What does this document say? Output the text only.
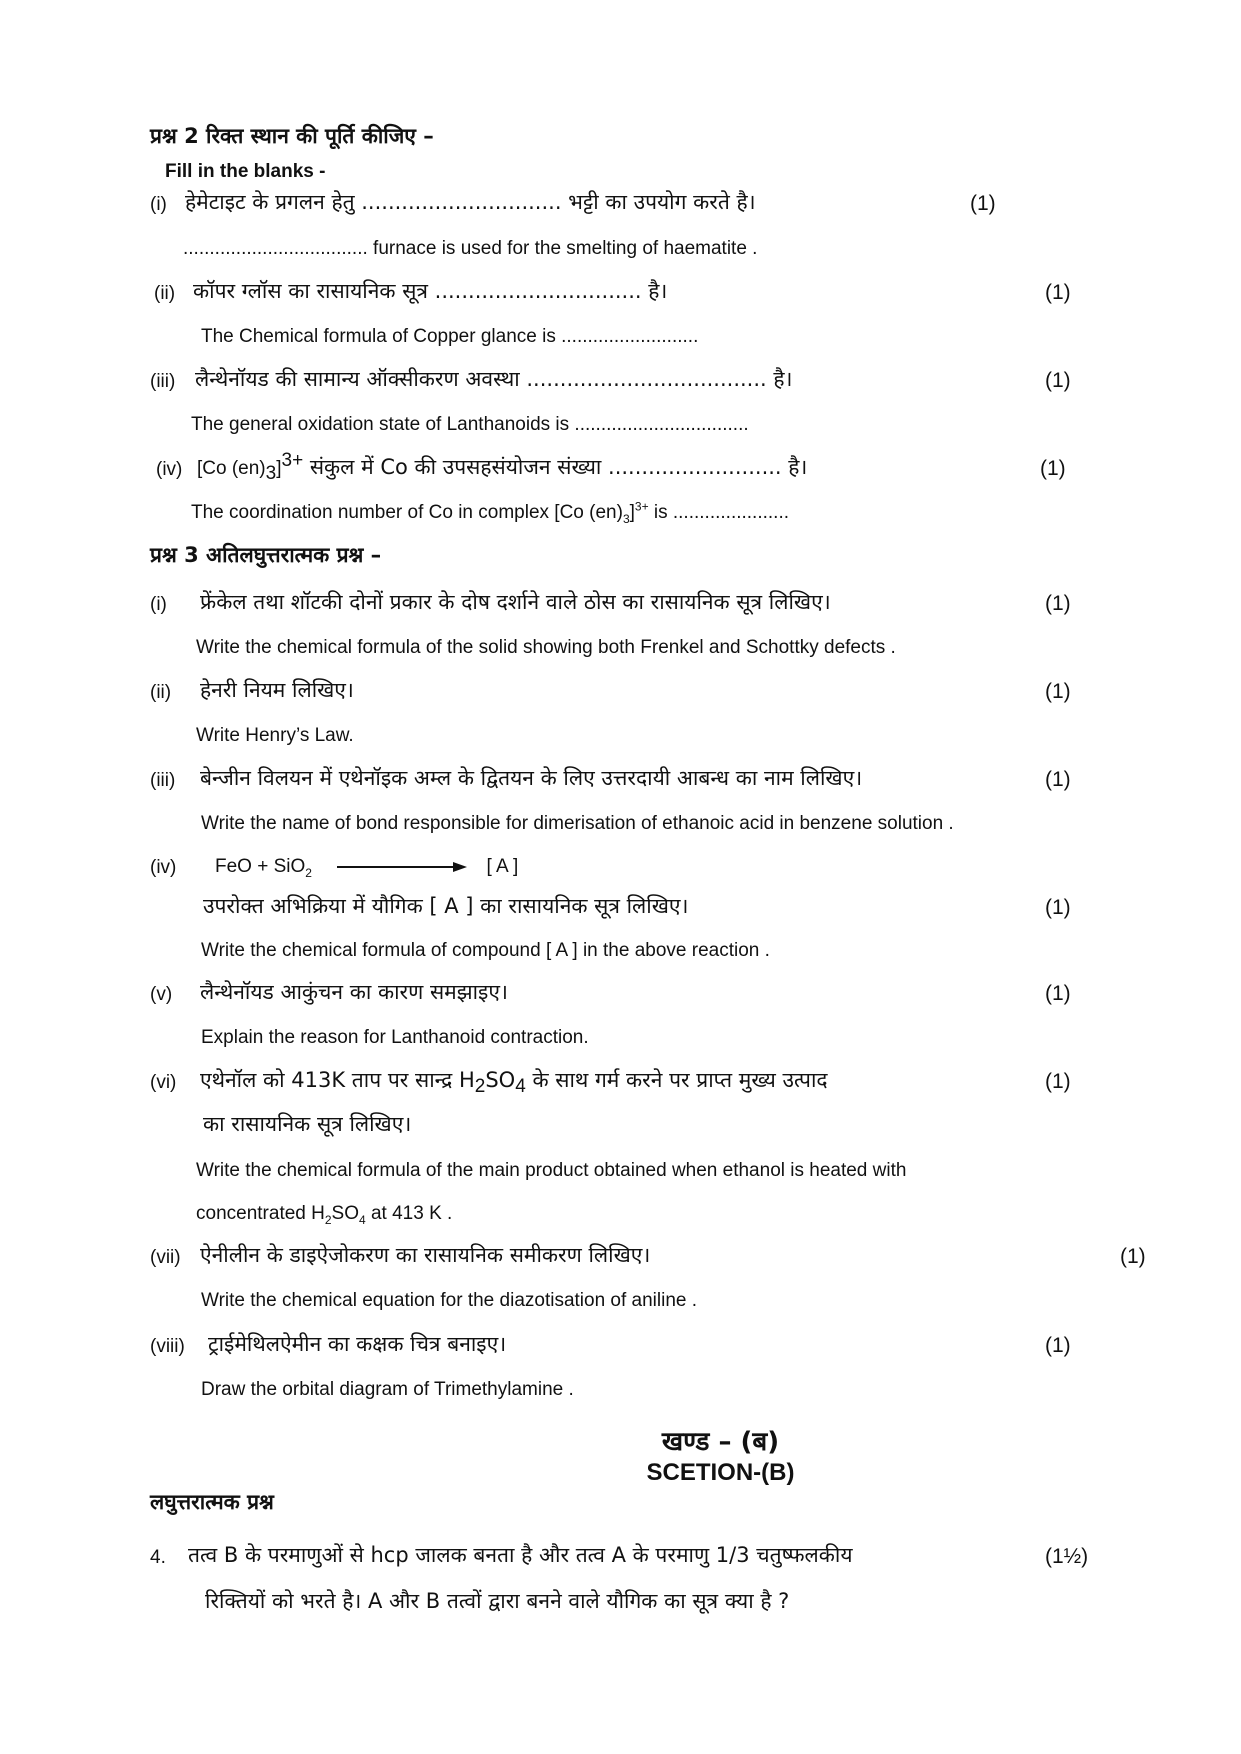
प्रश्न 2 रिक्त स्थान की पूर्ति कीजिए –
Fill in the blanks -
(i) हेमेटाइट के प्रगलन हेतु .............................. भट्टी का उपयोग करते है।	(1)
................................... furnace is used for the smelting of haematite .
(ii) कॉपर ग्लॉस का रासायनिक सूत्र ............................... है।	(1)
The Chemical formula of Copper glance is ..........................
(iii) लैन्थेनॉयड की सामान्य ऑक्सीकरण अवस्था .................................... है।	(1)
The general oxidation state of Lanthanoids is .................................
(iv) [Co $(en)_3]^{3+}$ संकुल में Co की उपसहसंयोजन संख्या .......................... है।	(1)
The coordination number of Co in complex [Co $(en)_3]^{3+}$ is ......................
प्रश्न 3 अतिलघुत्तरात्मक प्रश्न –
(i) फ्रेंकेल तथा शॉटकी दोनों प्रकार के दोष दर्शाने वाले ठोस का रासायनिक सूत्र लिखिए।	(1)
Write the chemical formula of the solid showing both Frenkel and Schottky defects .
(ii) हेनरी नियम लिखिए।	(1)
Write Henry’s Law.
(iii) बेन्जीन विलयन में एथेनॉइक अम्ल के द्वितयन के लिए उत्तरदायी आबन्ध का नाम लिखिए।	(1)
Write the name of bond responsible for dimerisation of ethanoic acid in benzene solution .
(iv) FeO + SiO$_2$	[ A ]
उपरोक्त अभिक्रिया में यौगिक [ A ] का रासायनिक सूत्र लिखिए।	(1)
Write the chemical formula of compound [ A ] in the above reaction .
(v) लैन्थेनॉयड आकुंचन का कारण समझाइए।	(1)
Explain the reason for Lanthanoid contraction.
(vi) एथेनॉल को 413K ताप पर सान्द्र $H_2SO_4$ के साथ गर्म करने पर प्राप्त मुख्य उत्पाद	(1)
का रासायनिक सूत्र लिखिए।
Write the chemical formula of the main product obtained when ethanol is heated with
concentrated $H_2SO_4$ at 413 K .
(vii) ऐनीलीन के डाइऐजोकरण का रासायनिक समीकरण लिखिए।	(1)
Write the chemical equation for the diazotisation of aniline .
(viii) ट्राईमेथिलऐमीन का कक्षक चित्र बनाइए।	(1)
Draw the orbital diagram of Trimethylamine .
खण्ड – (ब)
SCETION-(B)
लघुत्तरात्मक प्रश्न
4. तत्व B के परमाणुओं से hcp जालक बनता है और तत्व A के परमाणु 1/3 चतुष्फलकीय	(1½)
रिक्तियों को भरते है। A और B तत्वों द्वारा बनने वाले यौगिक का सूत्र क्या है ?
